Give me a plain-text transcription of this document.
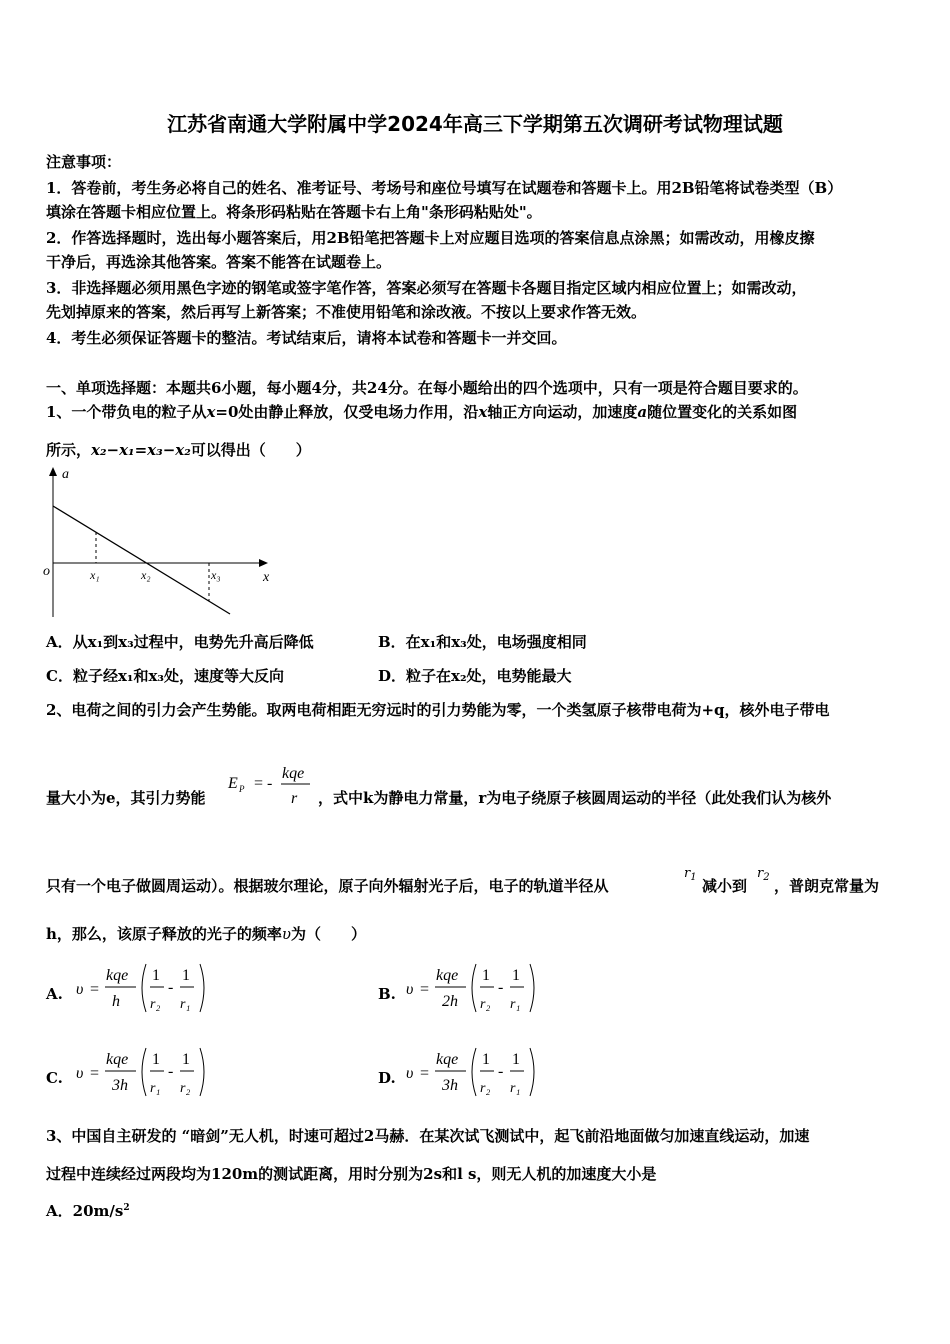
江苏省南通大学附属中学2024年高三下学期第五次调研考试物理试题
注意事项：
1．答卷前，考生务必将自己的姓名、准考证号、考场号和座位号填写在试题卷和答题卡上。用2B铅笔将试卷类型（B）
填涂在答题卡相应位置上。将条形码粘贴在答题卡右上角"条形码粘贴处"。
2．作答选择题时，选出每小题答案后，用2B铅笔把答题卡上对应题目选项的答案信息点涂黑；如需改动，用橡皮擦
干净后，再选涂其他答案。答案不能答在试题卷上。
3．非选择题必须用黑色字迹的钢笔或签字笔作答，答案必须写在答题卡各题目指定区域内相应位置上；如需改动，
先划掉原来的答案，然后再写上新答案；不准使用铅笔和涂改液。不按以上要求作答无效。
4．考生必须保证答题卡的整洁。考试结束后，请将本试卷和答题卡一并交回。
一、单项选择题：本题共6小题，每小题4分，共24分。在每小题给出的四个选项中，只有一项是符合题目要求的。
1、一个带负电的粒子从x=0处由静止释放，仅受电场力作用，沿x轴正方向运动，加速度a随位置变化的关系如图
所示，x₂−x₁=x₃−x₂可以得出（　　）
a
x
o	x₁	x₂	x₃
A．从x₁到x₃过程中，电势先升高后降低	B．在x₁和x₃处，电场强度相同
C．粒子经x₁和x₃处，速度等大反向	D．粒子在x₂处，电势能最大
2、电荷之间的引力会产生势能。取两电荷相距无穷远时的引力势能为零，一个类氢原子核带电荷为+q，核外电子带电
量大小为e，其引力势能
E P = -
kqe
r ，式中k为静电力常量，r为电子绕原子核圆周运动的半径（此处我们认为核外
只有一个电子做圆周运动）。根据玻尔理论，原子向外辐射光子后，电子的轨道半径从
$r_1$ 减小到
$r_2$ ，普朗克常量为
h，那么，该原子释放的光子的频率υ为（　　）
A. υ =
kqe
h
1
r₂
-
1
r₁
B. υ =
kqe
2h
1
r₂
-
1
r₁
C. υ =
kqe
3h
1
r₁
-
1
r₂
D. υ =
kqe
3h
1
r₂
-
1
r₁
3、中国自主研发的 “暗剑”无人机，时速可超过2马赫．在某次试飞测试中，起飞前沿地面做匀加速直线运动，加速
过程中连续经过两段均为120m的测试距离，用时分别为2s和l s，则无人机的加速度大小是
A．$20m/s^2$
